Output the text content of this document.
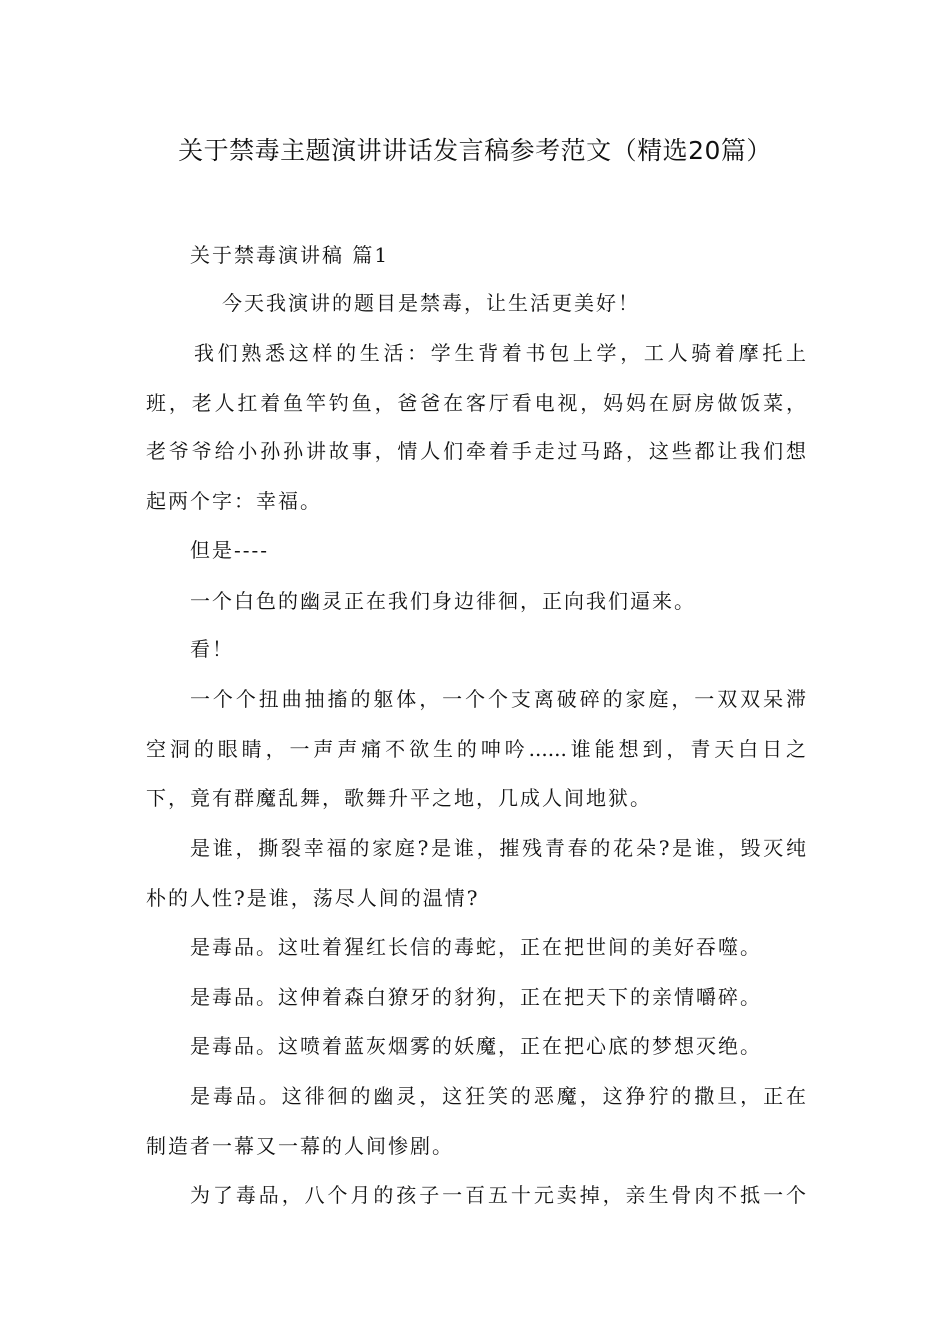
关于禁毒主题演讲讲话发言稿参考范文（精选20篇）
关于禁毒演讲稿 篇1
今天我演讲的题目是禁毒，让生活更美好！
我们熟悉这样的生活：学生背着书包上学，工人骑着摩托上
班，老人扛着鱼竿钓鱼，爸爸在客厅看电视，妈妈在厨房做饭菜，
老爷爷给小孙孙讲故事，情人们牵着手走过马路，这些都让我们想
起两个字：幸福。
但是----
一个白色的幽灵正在我们身边徘徊，正向我们逼来。
看！
一个个扭曲抽搐的躯体，一个个支离破碎的家庭，一双双呆滞
空洞的眼睛，一声声痛不欲生的呻吟......谁能想到，青天白日之
下，竟有群魔乱舞，歌舞升平之地，几成人间地狱。
是谁，撕裂幸福的家庭?是谁，摧残青春的花朵?是谁，毁灭纯
朴的人性?是谁，荡尽人间的温情?
是毒品。这吐着猩红长信的毒蛇，正在把世间的美好吞噬。
是毒品。这伸着森白獠牙的豺狗，正在把天下的亲情嚼碎。
是毒品。这喷着蓝灰烟雾的妖魔，正在把心底的梦想灭绝。
是毒品。这徘徊的幽灵，这狂笑的恶魔，这狰狞的撒旦，正在
制造者一幕又一幕的人间惨剧。
为了毒品，八个月的孩子一百五十元卖掉，亲生骨肉不抵一个
